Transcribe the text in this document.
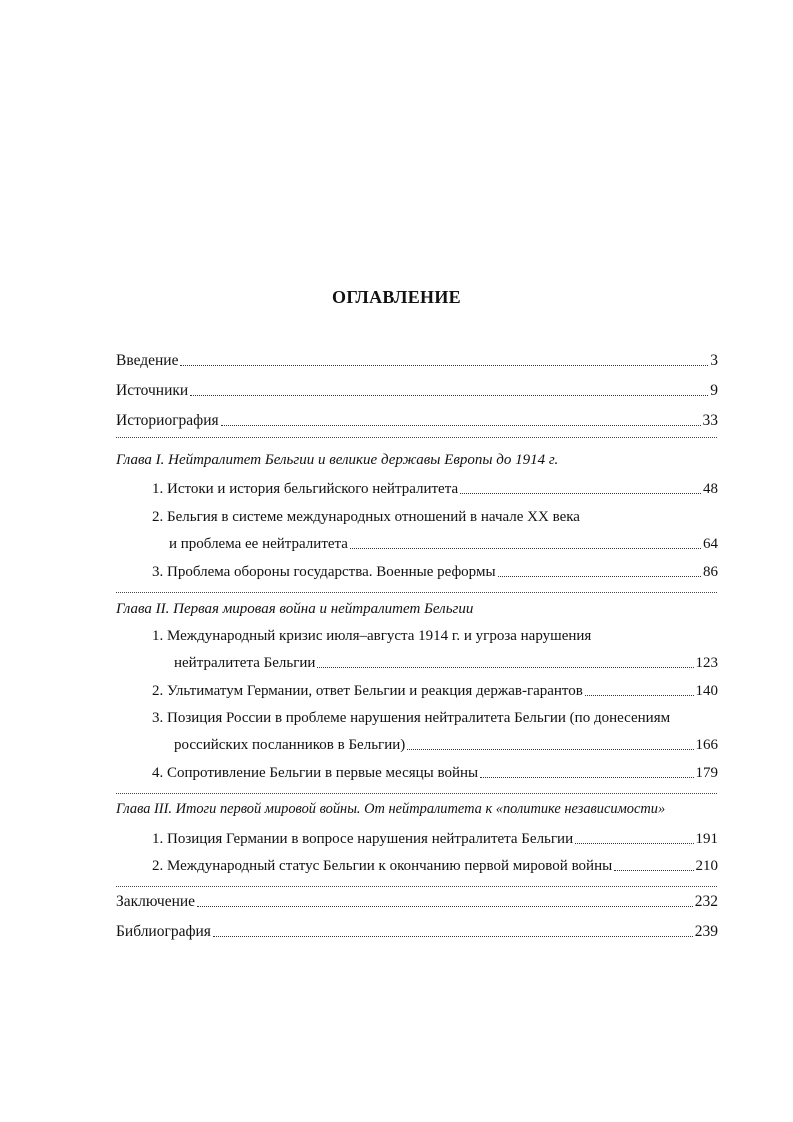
ОГЛАВЛЕНИЕ
Введение	3
Источники	9
Историография	33
Глава I. Нейтралитет Бельгии и великие державы Европы до 1914 г.
1. Истоки и история бельгийского нейтралитета	48
2. Бельгия в системе международных отношений в начале XX века
и проблема ее нейтралитета	64
3. Проблема обороны государства. Военные реформы	86
Глава II. Первая мировая война и нейтралитет Бельгии
1. Международный кризис июля–августа 1914 г. и угроза нарушения
нейтралитета Бельгии	123
2. Ультиматум Германии, ответ Бельгии и реакция держав-гарантов	140
3. Позиция России в проблеме нарушения нейтралитета Бельгии (по донесениям
российских посланников в Бельгии)	166
4. Сопротивление Бельгии в первые месяцы войны	179
Глава III. Итоги первой мировой войны. От нейтралитета к «политике независимости»
1. Позиция Германии в вопросе нарушения нейтралитета Бельгии	191
2. Международный статус Бельгии к окончанию первой мировой войны	210
Заключение	232
Библиография	239
